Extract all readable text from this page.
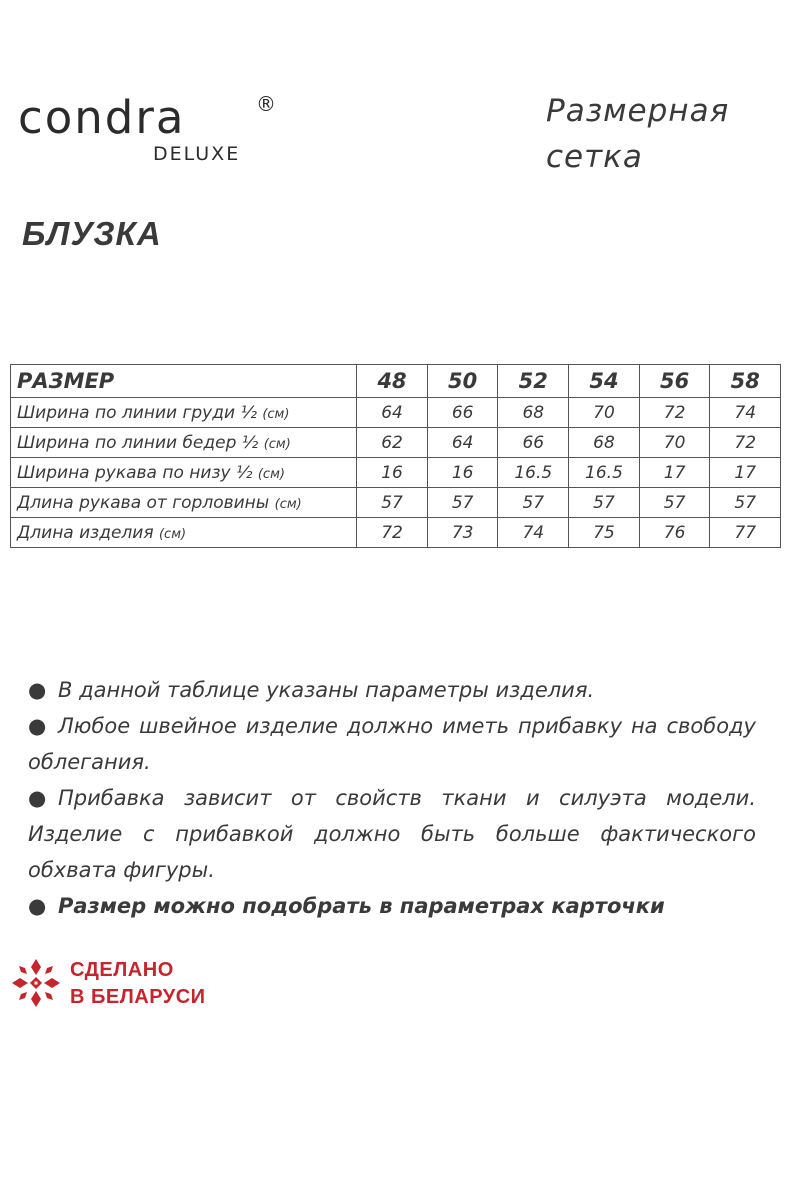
condra	®
DELUXE
Размерная
сетка
БЛУЗКА
РАЗМЕР	48	50	52	54	56	58
Ширина по линии груди ½ (см)	64	66	68	70	72	74
Ширина по линии бедер ½ (см)	62	64	66	68	70	72
Ширина рукава по низу ½ (см)	16	16	16.5	16.5	17	17
Длина рукава от горловины (см)	57	57	57	57	57	57
Длина изделия (см)	72	73	74	75	76	77

● В данной таблице указаны параметры изделия.

● Любое швейное изделие должно иметь прибавку на свободу облегания.

● Прибавка зависит от свойств ткани и силуэта модели. Изделие с прибавкой должно быть больше фактического обхвата фигуры.

● Размер можно подобрать в параметрах карточки

СДЕЛАНО
В БЕЛАРУСИ
